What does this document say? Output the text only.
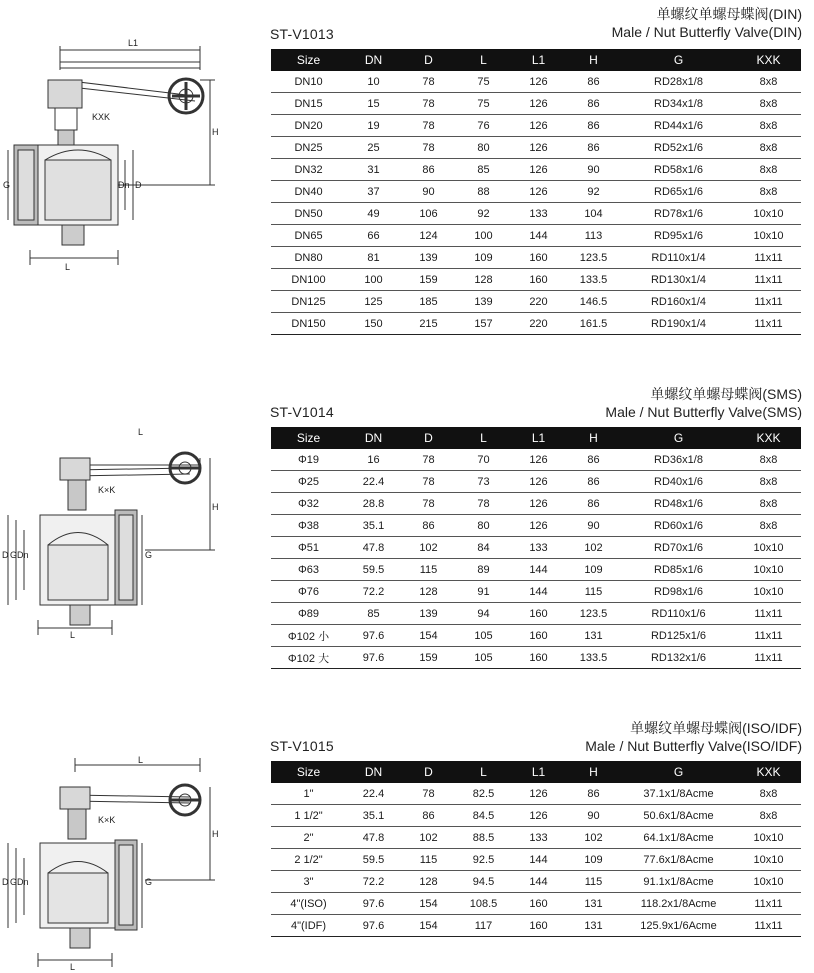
L1
KXK
H
G
L
Dn D
ST-V1013
单螺纹单螺母蝶阀(DIN)
Male / Nut Butterfly Valve(DIN)
Size	DN	D	L	L1	H	G	KXK
DN10	10	78	75	126	86	RD28x1/8	8x8
DN15	15	78	75	126	86	RD34x1/8	8x8
DN20	19	78	76	126	86	RD44x1/6	8x8
DN25	25	78	80	126	86	RD52x1/6	8x8
DN32	31	86	85	126	90	RD58x1/6	8x8
DN40	37	90	88	126	92	RD65x1/6	8x8
DN50	49	106	92	133	104	RD78x1/6	10x10
DN65	66	124	100	144	113	RD95x1/6	10x10
DN80	81	139	109	160	123.5	RD110x1/4	11x11
DN100	100	159	128	160	133.5	RD130x1/4	11x11
DN125	125	185	139	220	146.5	RD160x1/4	11x11
DN150	150	215	157	220	161.5	RD190x1/4	11x11
L
K×K
H
D G Dn	G
L
ST-V1014
单螺纹单螺母蝶阀(SMS)
Male / Nut Butterfly Valve(SMS)
Size	DN	D	L	L1	H	G	KXK
Φ19	16	78	70	126	86	RD36x1/8	8x8
Φ25	22.4	78	73	126	86	RD40x1/6	8x8
Φ32	28.8	78	78	126	86	RD48x1/6	8x8
Φ38	35.1	86	80	126	90	RD60x1/6	8x8
Φ51	47.8	102	84	133	102	RD70x1/6	10x10
Φ63	59.5	115	89	144	109	RD85x1/6	10x10
Φ76	72.2	128	91	144	115	RD98x1/6	10x10
Φ89	85	139	94	160	123.5	RD110x1/6	11x11
Φ102 小	97.6	154	105	160	131	RD125x1/6	11x11
Φ102 大	97.6	159	105	160	133.5	RD132x1/6	11x11
L
K×K
H
D G Dn	G
L
ST-V1015
单螺纹单螺母蝶阀(ISO/IDF)
Male / Nut Butterfly Valve(ISO/IDF)
Size	DN	D	L	L1	H	G	KXK
1"	22.4	78	82.5	126	86	37.1x1/8Acme	8x8
1 1/2"	35.1	86	84.5	126	90	50.6x1/8Acme	8x8
2"	47.8	102	88.5	133	102	64.1x1/8Acme	10x10
2 1/2"	59.5	115	92.5	144	109	77.6x1/8Acme	10x10
3"	72.2	128	94.5	144	115	91.1x1/8Acme	10x10
4"(ISO)	97.6	154	108.5	160	131	118.2x1/8Acme	11x11
4"(IDF)	97.6	154	117	160	131	125.9x1/6Acme	11x11
